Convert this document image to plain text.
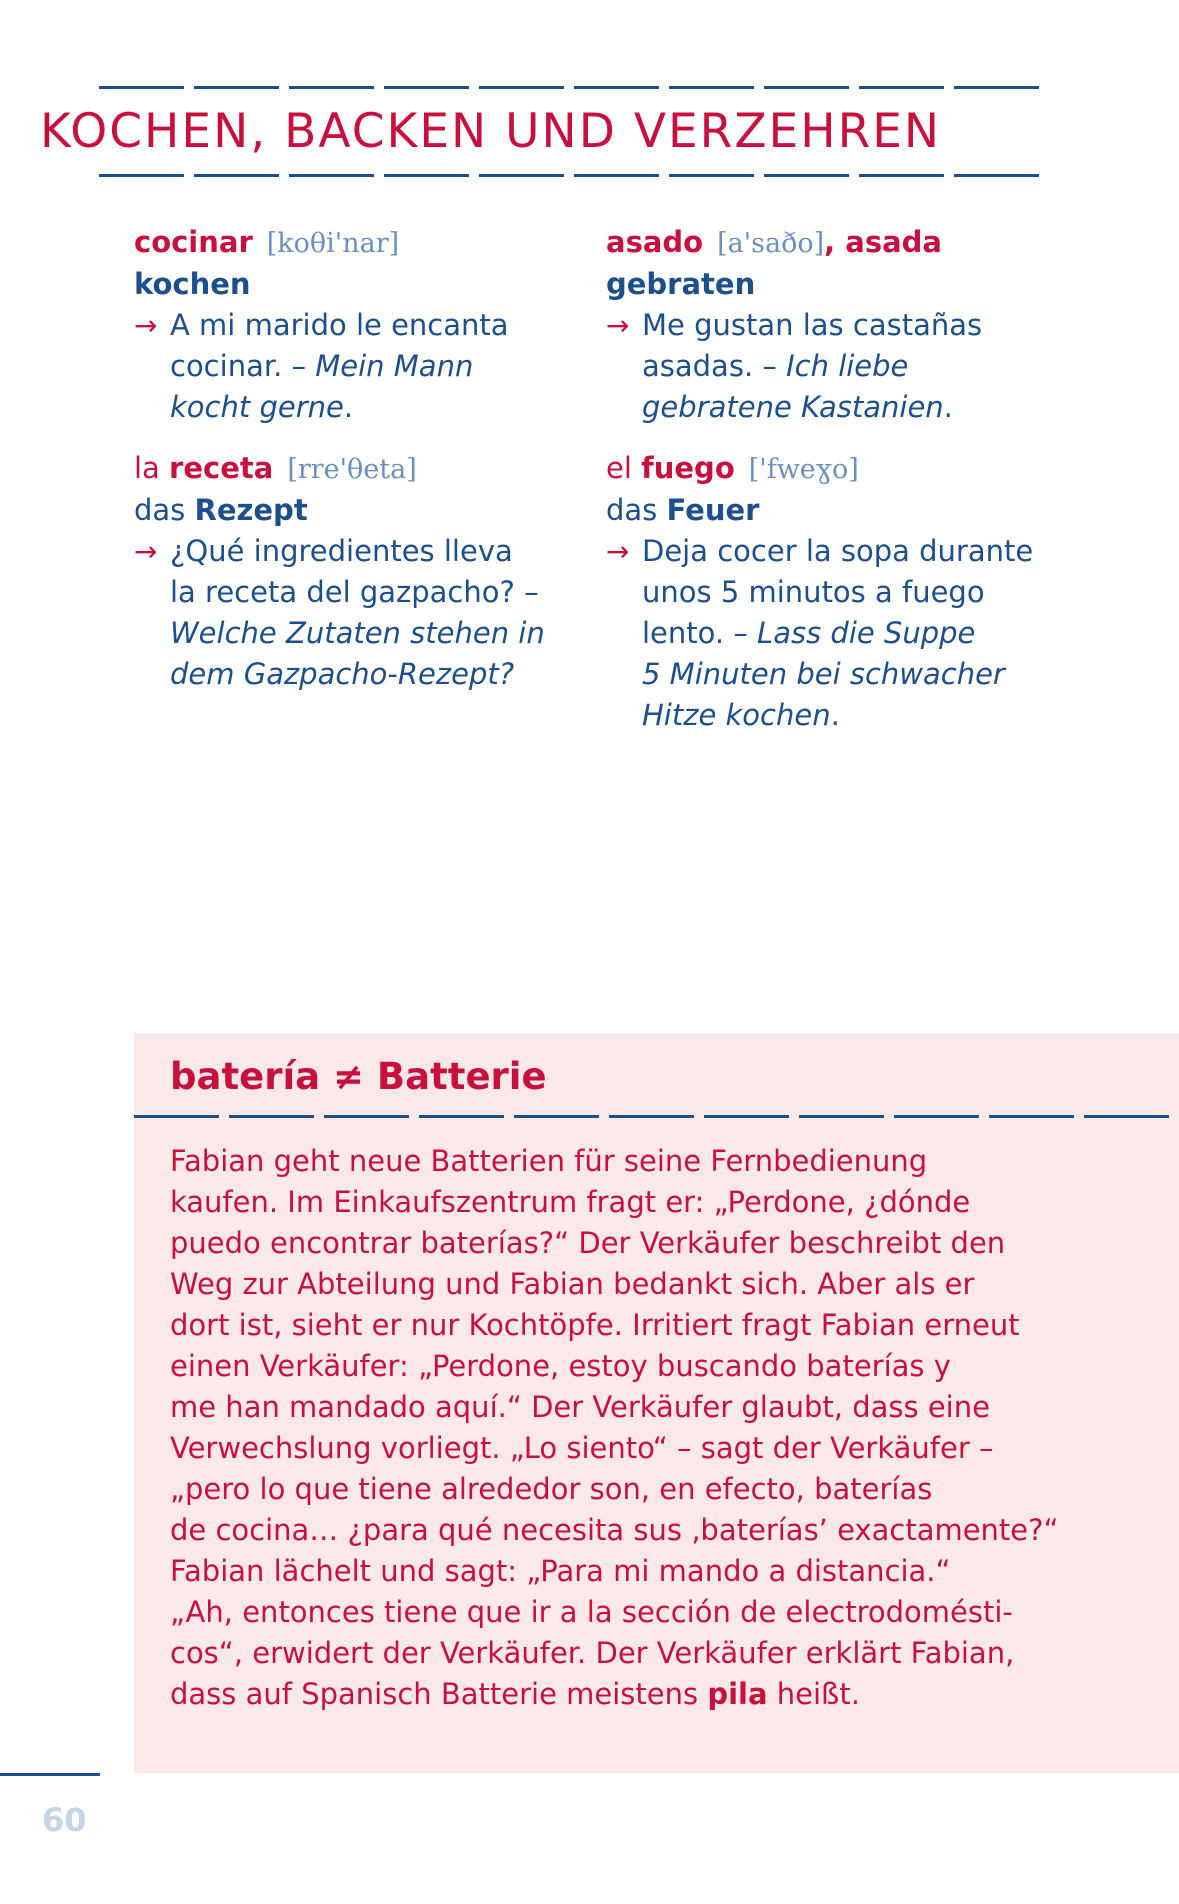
KOCHEN, BACKEN UND VERZEHREN
cocinar [koθi'nar]
kochen
→ A mi marido le encanta

cocinar. – Mein Mann

kocht gerne.

la receta [rre'θeta]
das Rezept
→ ¿Qué ingredientes lleva

la receta del gazpacho? –

Welche Zutaten stehen in

dem Gazpacho-Rezept?

asado [a'saðo], asada
gebraten
→ Me gustan las castañas

asadas. – Ich liebe

gebratene Kastanien.

el fuego ['fweɣo]
das Feuer
→ Deja cocer la sopa durante

unos 5 minutos a fuego

lento. – Lass die Suppe

5 Minuten bei schwacher

Hitze kochen.

batería ≠ Batterie

Fabian geht neue Batterien für seine Fernbedienung

kaufen. Im Einkaufszentrum fragt er: „Perdone, ¿dónde

puedo encontrar baterías?“ Der Verkäufer beschreibt den

Weg zur Abteilung und Fabian bedankt sich. Aber als er

dort ist, sieht er nur Kochtöpfe. Irritiert fragt Fabian erneut

einen Verkäufer: „Perdone, estoy buscando baterías y

me han mandado aquí.“ Der Verkäufer glaubt, dass eine

Verwechslung vorliegt. „Lo siento“ – sagt der Verkäufer –

„pero lo que tiene alrededor son, en efecto, baterías

de cocina… ¿para qué necesita sus ‚baterías’ exactamente?“

Fabian lächelt und sagt: „Para mi mando a distancia.“

„Ah, entonces tiene que ir a la sección de electrodomésti-

cos“, erwidert der Verkäufer. Der Verkäufer erklärt Fabian,

dass auf Spanisch Batterie meistens pila heißt.

60
